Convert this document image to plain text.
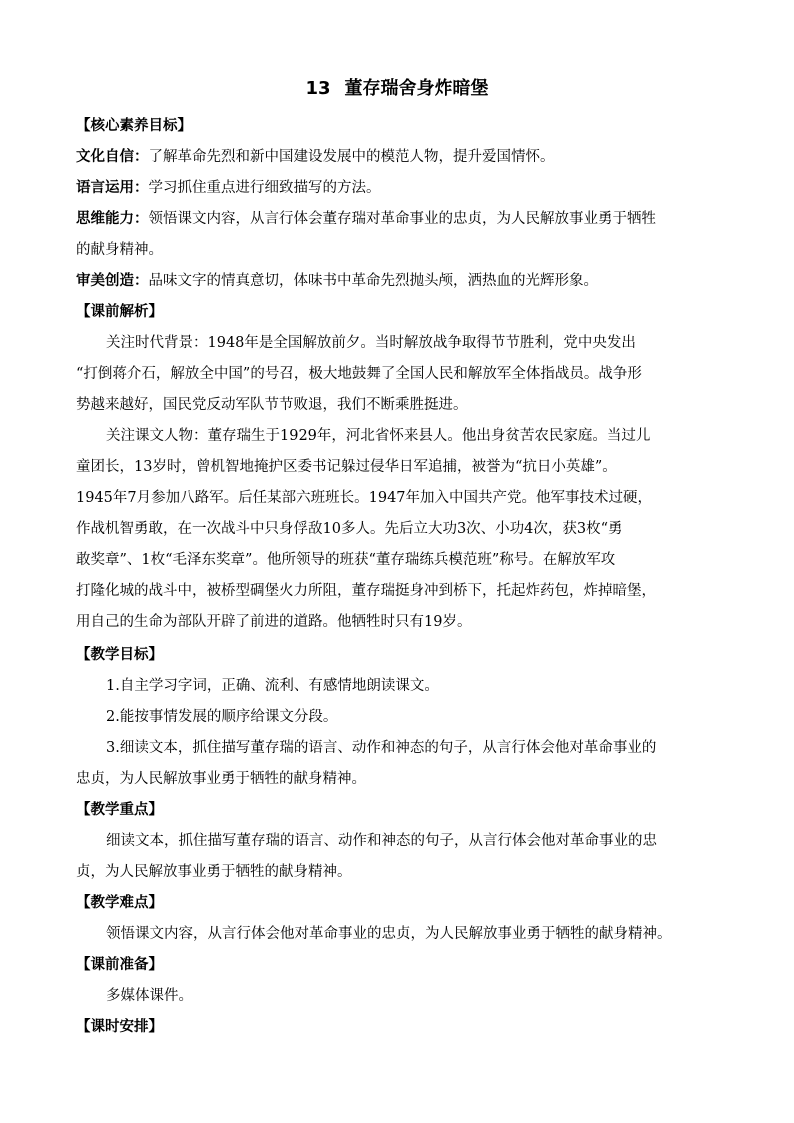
13 董存瑞舍身炸暗堡
【核心素养目标】
文化自信：了解革命先烈和新中国建设发展中的模范人物，提升爱国情怀。
语言运用：学习抓住重点进行细致描写的方法。
思维能力：领悟课文内容，从言行体会董存瑞对革命事业的忠贞，为人民解放事业勇于牺牲
的献身精神。
审美创造：品味文字的情真意切，体味书中革命先烈抛头颅，洒热血的光辉形象。
【课前解析】
关注时代背景：1948年是全国解放前夕。当时解放战争取得节节胜利，党中央发出
“打倒蒋介石，解放全中国”的号召，极大地鼓舞了全国人民和解放军全体指战员。战争形
势越来越好，国民党反动军队节节败退，我们不断乘胜挺进。
关注课文人物：董存瑞生于1929年，河北省怀来县人。他出身贫苦农民家庭。当过儿
童团长，13岁时，曾机智地掩护区委书记躲过侵华日军追捕，被誉为“抗日小英雄”。
1945年7月参加八路军。后任某部六班班长。1947年加入中国共产党。他军事技术过硬，
作战机智勇敢，在一次战斗中只身俘敌10多人。先后立大功3次、小功4次，获3枚“勇
敢奖章”、1枚“毛泽东奖章”。他所领导的班获“董存瑞练兵模范班”称号。在解放军攻
打隆化城的战斗中，被桥型碉堡火力所阻，董存瑞挺身冲到桥下，托起炸药包，炸掉暗堡，
用自己的生命为部队开辟了前进的道路。他牺牲时只有19岁。
【教学目标】
1.自主学习字词，正确、流利、有感情地朗读课文。
2.能按事情发展的顺序给课文分段。
3.细读文本，抓住描写董存瑞的语言、动作和神态的句子，从言行体会他对革命事业的
忠贞，为人民解放事业勇于牺牲的献身精神。
【教学重点】
细读文本，抓住描写董存瑞的语言、动作和神态的句子，从言行体会他对革命事业的忠
贞，为人民解放事业勇于牺牲的献身精神。
【教学难点】
领悟课文内容，从言行体会他对革命事业的忠贞，为人民解放事业勇于牺牲的献身精神。
【课前准备】
多媒体课件。
【课时安排】
